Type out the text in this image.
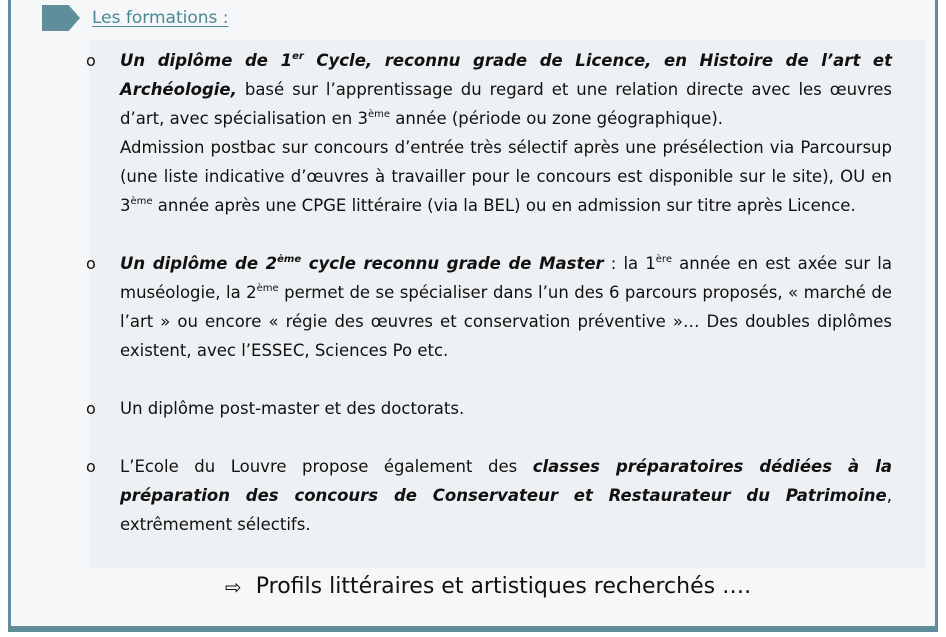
Les formations :
o Un diplôme de 1er Cycle, reconnu grade de Licence, en Histoire de l’art et Archéologie, basé sur l’apprentissage du regard et une relation directe avec les œuvres d’art, avec spécialisation en 3ème année (période ou zone géographique).
Admission postbac sur concours d’entrée très sélectif après une présélection via Parcoursup (une liste indicative d’œuvres à travailler pour le concours est disponible sur le site), OU en 3ème année après une CPGE littéraire (via la BEL) ou en admission sur titre après Licence.
o Un diplôme de 2ème cycle reconnu grade de Master : la 1ère année en est axée sur la muséologie, la 2ème permet de se spécialiser dans l’un des 6 parcours proposés, « marché de l’art » ou encore « régie des œuvres et conservation préventive »… Des doubles diplômes existent, avec l’ESSEC, Sciences Po etc.
o Un diplôme post-master et des doctorats.
o L’Ecole du Louvre propose également des classes préparatoires dédiées à la préparation des concours de Conservateur et Restaurateur du Patrimoine, extrêmement sélectifs.
⇨ Profils littéraires et artistiques recherchés ….
